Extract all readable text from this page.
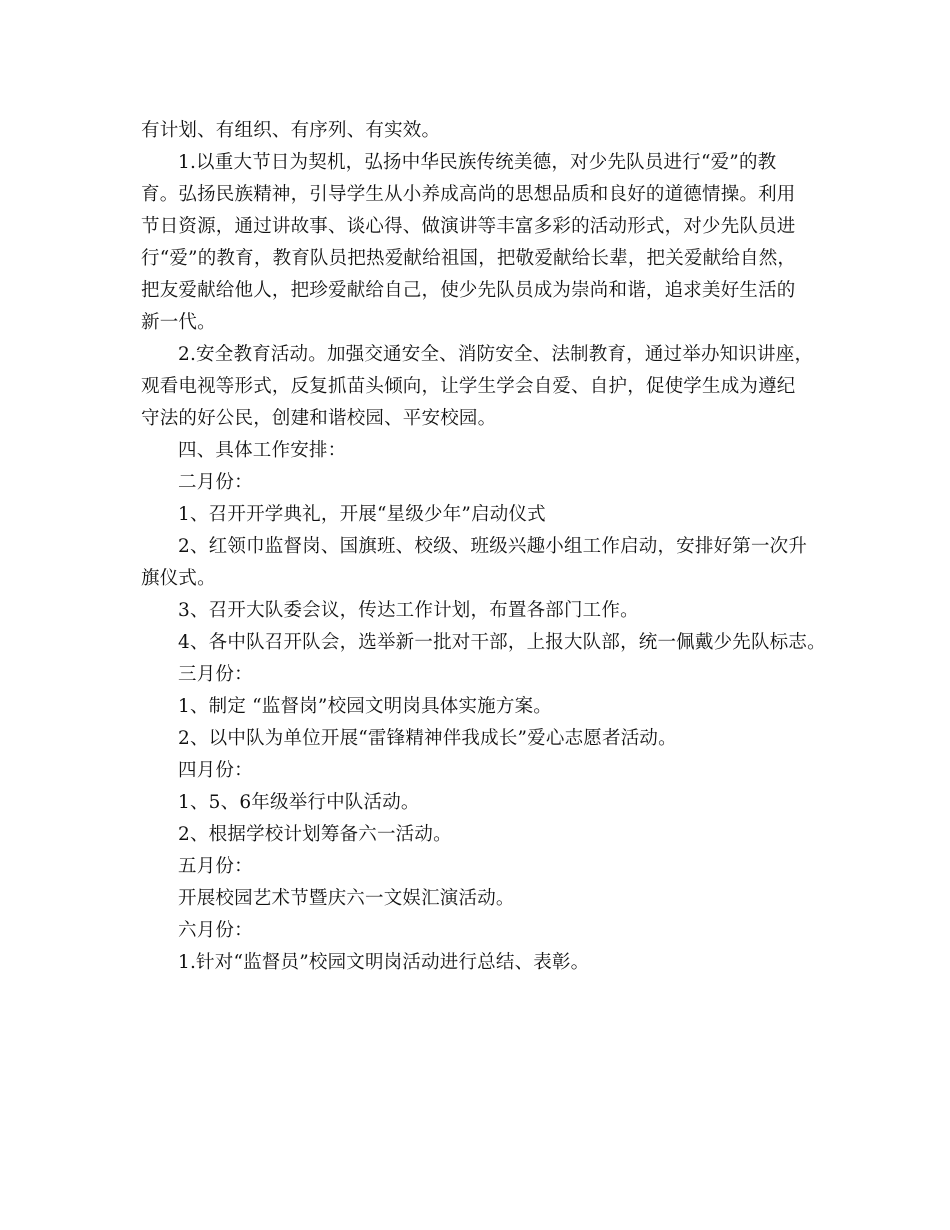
有计划、有组织、有序列、有实效。
1.以重大节日为契机，弘扬中华民族传统美德，对少先队员进行“爱”的教
育。弘扬民族精神，引导学生从小养成高尚的思想品质和良好的道德情操。利用
节日资源，通过讲故事、谈心得、做演讲等丰富多彩的活动形式，对少先队员进
行“爱”的教育，教育队员把热爱献给祖国，把敬爱献给长辈，把关爱献给自然，
把友爱献给他人，把珍爱献给自己，使少先队员成为崇尚和谐，追求美好生活的
新一代。
2.安全教育活动。加强交通安全、消防安全、法制教育，通过举办知识讲座，
观看电视等形式，反复抓苗头倾向，让学生学会自爱、自护，促使学生成为遵纪
守法的好公民，创建和谐校园、平安校园。
四、具体工作安排：
二月份：
1、召开开学典礼，开展“星级少年”启动仪式
2、红领巾监督岗、国旗班、校级、班级兴趣小组工作启动，安排好第一次升
旗仪式。
3、召开大队委会议，传达工作计划，布置各部门工作。
4、各中队召开队会，选举新一批对干部，上报大队部，统一佩戴少先队标志。
三月份：
1、制定 “监督岗”校园文明岗具体实施方案。
2、以中队为单位开展“雷锋精神伴我成长”爱心志愿者活动。
四月份：
1、5、6年级举行中队活动。
2、根据学校计划筹备六一活动。
五月份：
开展校园艺术节暨庆六一文娱汇演活动。
六月份：
1.针对“监督员”校园文明岗活动进行总结、表彰。
